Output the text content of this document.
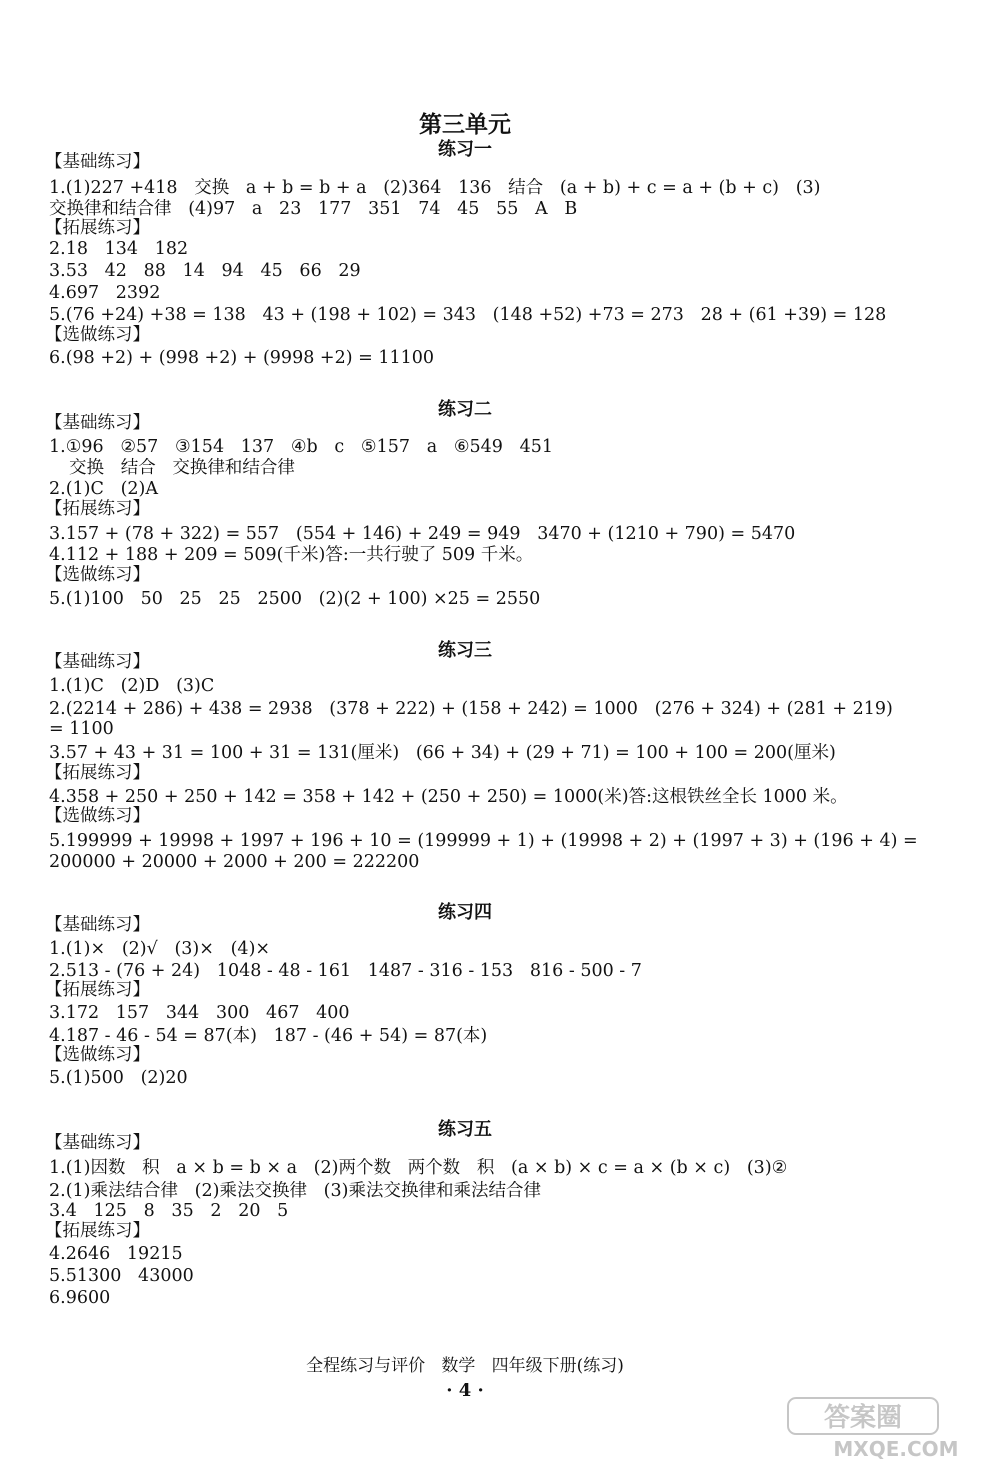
第三单元
练习一
【基础练习】
1.(1)227 +418   交换   a + b = b + a   (2)364   136   结合   (a + b) + c = a + (b + c)   (3)
交换律和结合律   (4)97   a   23   177   351   74   45   55   A   B
【拓展练习】
2.18   134   182
3.53   42   88   14   94   45   66   29
4.697   2392
5.(76 +24) +38 = 138   43 + (198 + 102) = 343   (148 +52) +73 = 273   28 + (61 +39) = 128
【选做练习】
6.(98 +2) + (998 +2) + (9998 +2) = 11100
练习二
【基础练习】
1.①96   ②57   ③154   137   ④b   c   ⑤157   a   ⑥549   451
交换   结合   交换律和结合律
2.(1)C   (2)A
【拓展练习】
3.157 + (78 + 322) = 557   (554 + 146) + 249 = 949   3470 + (1210 + 790) = 5470
4.112 + 188 + 209 = 509(千米)答:一共行驶了 509 千米。
【选做练习】
5.(1)100   50   25   25   2500   (2)(2 + 100) ×25 = 2550
练习三
【基础练习】
1.(1)C   (2)D   (3)C
2.(2214 + 286) + 438 = 2938   (378 + 222) + (158 + 242) = 1000   (276 + 324) + (281 + 219)
= 1100
3.57 + 43 + 31 = 100 + 31 = 131(厘米)   (66 + 34) + (29 + 71) = 100 + 100 = 200(厘米)
【拓展练习】
4.358 + 250 + 250 + 142 = 358 + 142 + (250 + 250) = 1000(米)答:这根铁丝全长 1000 米。
【选做练习】
5.199999 + 19998 + 1997 + 196 + 10 = (199999 + 1) + (19998 + 2) + (1997 + 3) + (196 + 4) =
200000 + 20000 + 2000 + 200 = 222200
练习四
【基础练习】
1.(1)×   (2)√   (3)×   (4)×
2.513 - (76 + 24)   1048 - 48 - 161   1487 - 316 - 153   816 - 500 - 7
【拓展练习】
3.172   157   344   300   467   400
4.187 - 46 - 54 = 87(本)   187 - (46 + 54) = 87(本)
【选做练习】
5.(1)500   (2)20
练习五
【基础练习】
1.(1)因数   积   a × b = b × a   (2)两个数   两个数   积   (a × b) × c = a × (b × c)   (3)②
2.(1)乘法结合律   (2)乘法交换律   (3)乘法交换律和乘法结合律
3.4   125   8   35   2   20   5
【拓展练习】
4.2646   19215
5.51300   43000
6.9600
全程练习与评价   数学   四年级下册(练习)
· 4 ·
答案圈
MXQE.COM
